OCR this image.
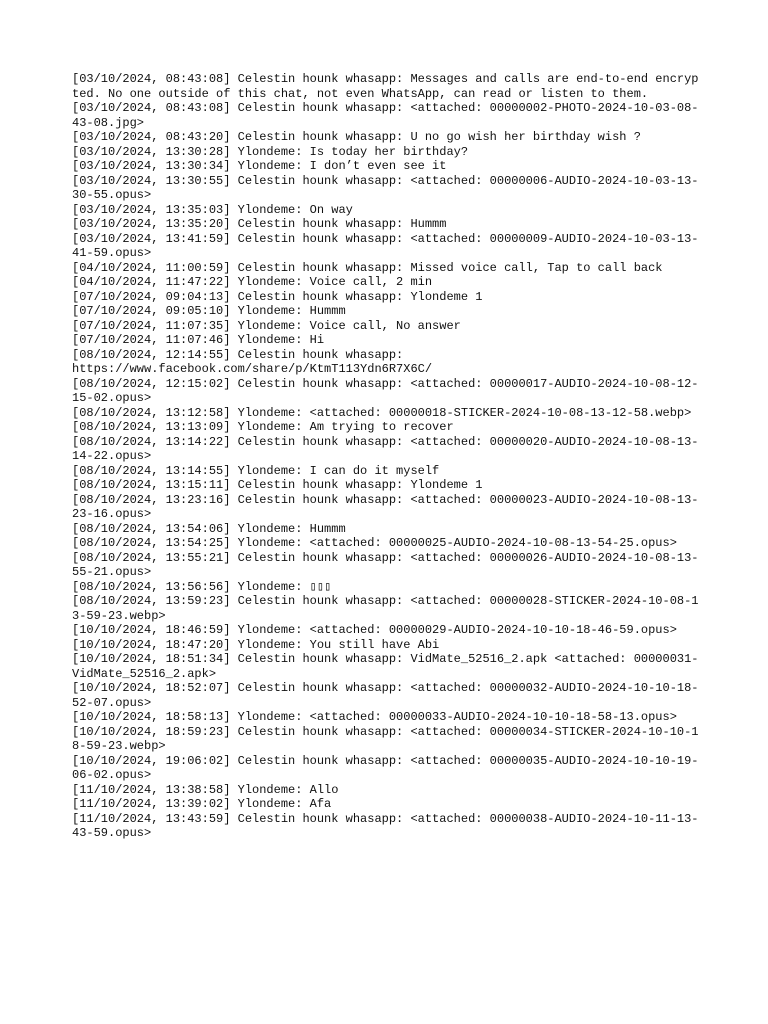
[03/10/2024, 08:43:08] Celestin hounk whasapp: Messages and calls are end-to-end encrypted. No one outside of this chat, not even WhatsApp, can read or listen to them.
[03/10/2024, 08:43:08] Celestin hounk whasapp: <attached: 00000002-PHOTO-2024-10-03-08-43-08.jpg>
[03/10/2024, 08:43:20] Celestin hounk whasapp: U no go wish her birthday wish ?
[03/10/2024, 13:30:28] Ylondeme: Is today her birthday?
[03/10/2024, 13:30:34] Ylondeme: I don’t even see it
[03/10/2024, 13:30:55] Celestin hounk whasapp: <attached: 00000006-AUDIO-2024-10-03-13-30-55.opus>
[03/10/2024, 13:35:03] Ylondeme: On way
[03/10/2024, 13:35:20] Celestin hounk whasapp: Hummm
[03/10/2024, 13:41:59] Celestin hounk whasapp: <attached: 00000009-AUDIO-2024-10-03-13-41-59.opus>
[04/10/2024, 11:00:59] Celestin hounk whasapp: Missed voice call, Tap to call back
[04/10/2024, 11:47:22] Ylondeme: Voice call, 2 min
[07/10/2024, 09:04:13] Celestin hounk whasapp: Ylondeme 1
[07/10/2024, 09:05:10] Ylondeme: Hummm
[07/10/2024, 11:07:35] Ylondeme: Voice call, No answer
[07/10/2024, 11:07:46] Ylondeme: Hi
[08/10/2024, 12:14:55] Celestin hounk whasapp:
https://www.facebook.com/share/p/KtmT113Ydn6R7X6C/
[08/10/2024, 12:15:02] Celestin hounk whasapp: <attached: 00000017-AUDIO-2024-10-08-12-15-02.opus>
[08/10/2024, 13:12:58] Ylondeme: <attached: 00000018-STICKER-2024-10-08-13-12-58.webp>
[08/10/2024, 13:13:09] Ylondeme: Am trying to recover
[08/10/2024, 13:14:22] Celestin hounk whasapp: <attached: 00000020-AUDIO-2024-10-08-13-14-22.opus>
[08/10/2024, 13:14:55] Ylondeme: I can do it myself
[08/10/2024, 13:15:11] Celestin hounk whasapp: Ylondeme 1
[08/10/2024, 13:23:16] Celestin hounk whasapp: <attached: 00000023-AUDIO-2024-10-08-13-23-16.opus>
[08/10/2024, 13:54:06] Ylondeme: Hummm
[08/10/2024, 13:54:25] Ylondeme: <attached: 00000025-AUDIO-2024-10-08-13-54-25.opus>
[08/10/2024, 13:55:21] Celestin hounk whasapp: <attached: 00000026-AUDIO-2024-10-08-13-55-21.opus>
[08/10/2024, 13:56:56] Ylondeme: ▯▯▯
[08/10/2024, 13:59:23] Celestin hounk whasapp: <attached: 00000028-STICKER-2024-10-08-13-59-23.webp>
[10/10/2024, 18:46:59] Ylondeme: <attached: 00000029-AUDIO-2024-10-10-18-46-59.opus>
[10/10/2024, 18:47:20] Ylondeme: You still have Abi
[10/10/2024, 18:51:34] Celestin hounk whasapp: VidMate_52516_2.apk <attached: 00000031-VidMate_52516_2.apk>
[10/10/2024, 18:52:07] Celestin hounk whasapp: <attached: 00000032-AUDIO-2024-10-10-18-52-07.opus>
[10/10/2024, 18:58:13] Ylondeme: <attached: 00000033-AUDIO-2024-10-10-18-58-13.opus>
[10/10/2024, 18:59:23] Celestin hounk whasapp: <attached: 00000034-STICKER-2024-10-10-18-59-23.webp>
[10/10/2024, 19:06:02] Celestin hounk whasapp: <attached: 00000035-AUDIO-2024-10-10-19-06-02.opus>
[11/10/2024, 13:38:58] Ylondeme: Allo
[11/10/2024, 13:39:02] Ylondeme: Afa
[11/10/2024, 13:43:59] Celestin hounk whasapp: <attached: 00000038-AUDIO-2024-10-11-13-43-59.opus>
